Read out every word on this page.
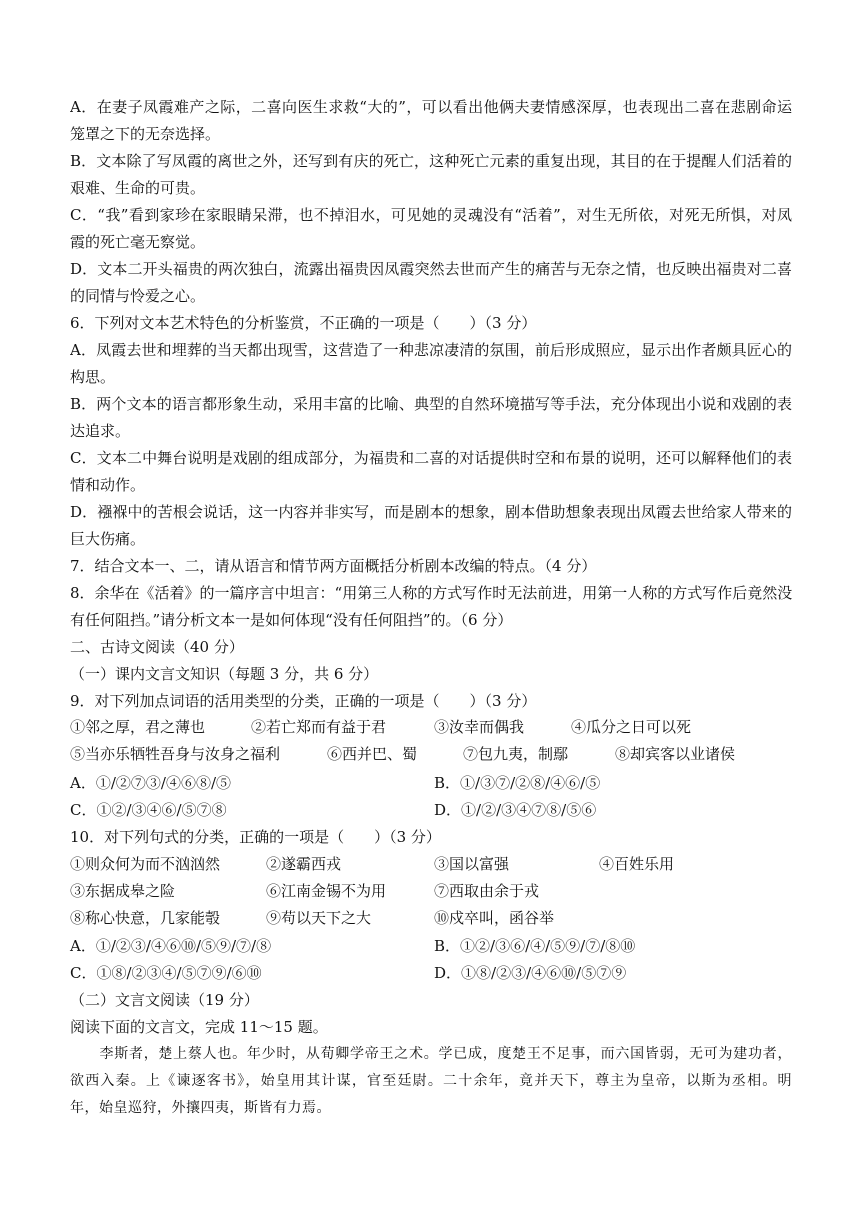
A．在妻子凤霞难产之际，二喜向医生求救“大的”，可以看出他俩夫妻情感深厚，也表现出二喜在悲剧命运
笼罩之下的无奈选择。
B．文本除了写凤霞的离世之外，还写到有庆的死亡，这种死亡元素的重复出现，其目的在于提醒人们活着的
艰难、生命的可贵。
C．“我”看到家珍在家眼睛呆滞，也不掉泪水，可见她的灵魂没有“活着”，对生无所依，对死无所惧，对凤
霞的死亡毫无察觉。
D．文本二开头福贵的两次独白，流露出福贵因凤霞突然去世而产生的痛苦与无奈之情，也反映出福贵对二喜
的同情与怜爱之心。
6．下列对文本艺术特色的分析鉴赏，不正确的一项是（　　）（3 分）
A．凤霞去世和埋葬的当天都出现雪，这营造了一种悲凉凄清的氛围，前后形成照应，显示出作者颇具匠心的
构思。
B．两个文本的语言都形象生动，采用丰富的比喻、典型的自然环境描写等手法，充分体现出小说和戏剧的表
达追求。
C．文本二中舞台说明是戏剧的组成部分，为福贵和二喜的对话提供时空和布景的说明，还可以解释他们的表
情和动作。
D．襁褓中的苦根会说话，这一内容并非实写，而是剧本的想象，剧本借助想象表现出凤霞去世给家人带来的
巨大伤痛。
7．结合文本一、二，请从语言和情节两方面概括分析剧本改编的特点。（4 分）
8．余华在《活着》的一篇序言中坦言：“用第三人称的方式写作时无法前进，用第一人称的方式写作后竟然没
有任何阻挡。”请分析文本一是如何体现“没有任何阻挡”的。（6 分）
二、古诗文阅读（40 分）
（一）课内文言文知识（每题 3 分，共 6 分）
9．对下列加点词语的活用类型的分类，正确的一项是（　　）（3 分）
①邻之厚，君之薄也	②若亡郑而有益于君	③汝幸而偶我	④瓜分之日可以死
⑤当亦乐牺牲吾身与汝身之福利	⑥西并巴、蜀	⑦包九夷，制鄢	⑧却宾客以业诸侯
A．①/②⑦③/④⑥⑧/⑤	B．①/③⑦/②⑧/④⑥/⑤
C．①②/③④⑥/⑤⑦⑧	D．①/②/③④⑦⑧/⑤⑥
10．对下列句式的分类，正确的一项是（　　）（3 分）
①则众何为而不汹汹然	②遂霸西戎	③国以富强	④百姓乐用
③东据成皋之险	⑥江南金锡不为用	⑦西取由余于戎
⑧称心快意，几家能彀	⑨苟以天下之大	⑩戍卒叫，函谷举
A．①/②③/④⑥⑩/⑤⑨/⑦/⑧	B．①②/③⑥/④/⑤⑨/⑦/⑧⑩
C．①⑧/②③④/⑤⑦⑨/⑥⑩	D．①⑧/②③/④⑥⑩/⑤⑦⑨
（二）文言文阅读（19 分）
阅读下面的文言文，完成 11～15 题。
　　李斯者，楚上蔡人也。年少时，从荀卿学帝王之术。学已成，度楚王不足事，而六国皆弱，无可为建功者，
欲西入秦。上《谏逐客书》，始皇用其计谋，官至廷尉。二十余年，竟并天下，尊主为皇帝，以斯为丞相。明
年，始皇巡狩，外攘四夷，斯皆有力焉。
